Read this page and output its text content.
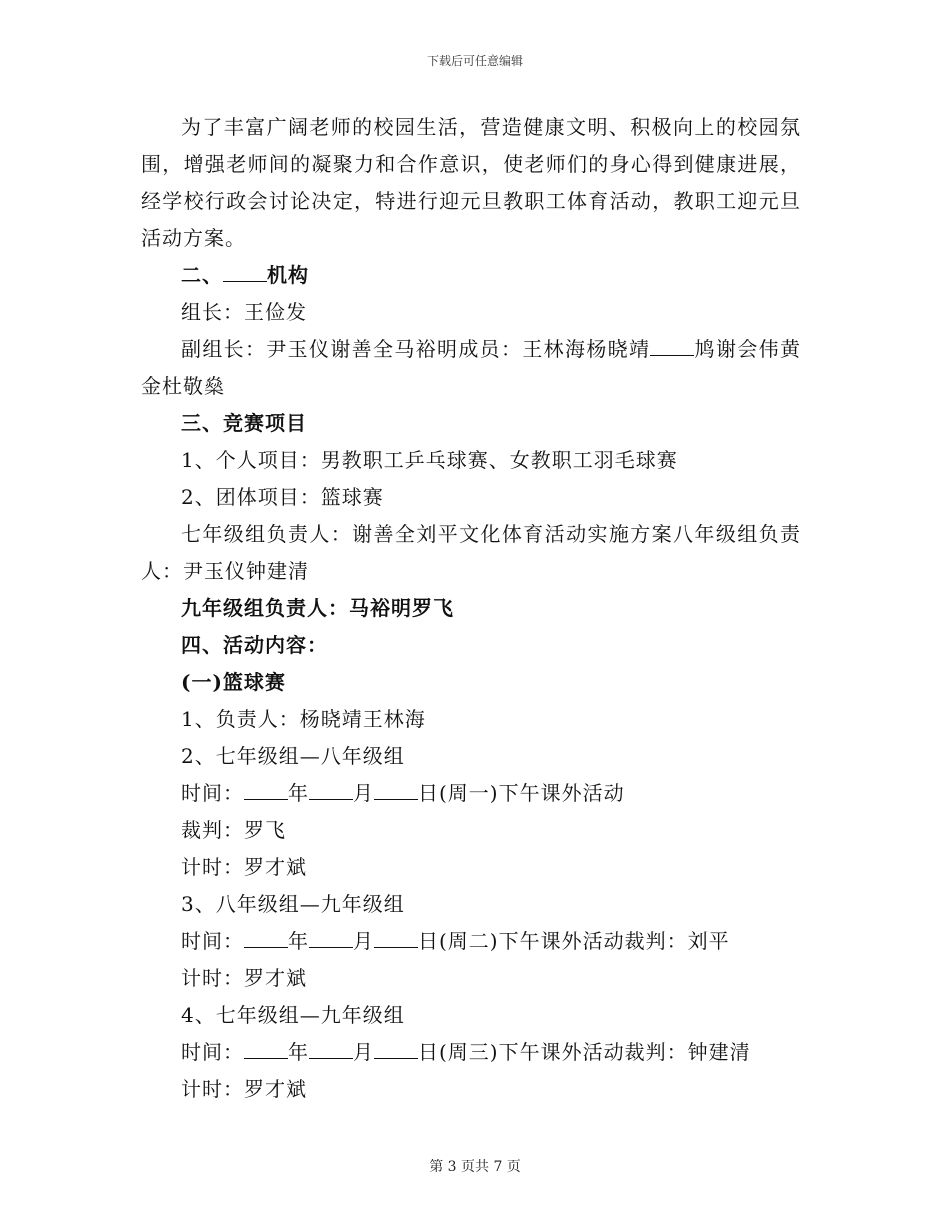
下载后可任意编辑

为了丰富广阔老师的校园生活，营造健康文明、积极向上的校园氛围，增强老师间的凝聚力和合作意识，使老师们的身心得到健康进展，经学校行政会讨论决定，特进行迎元旦教职工体育活动，教职工迎元旦活动方案。

二、 机构

组长：王俭发

副组长：尹玉仪谢善全马裕明成员：王林海杨晓靖 鸠谢会伟黄金杜敬燊

三、竞赛项目

1、个人项目：男教职工乒乓球赛、女教职工羽毛球赛

2、团体项目：篮球赛

七年级组负责人：谢善全刘平文化体育活动实施方案八年级组负责人：尹玉仪钟建清

九年级组负责人：马裕明罗飞

四、活动内容：

(一)篮球赛

1、负责人：杨晓靖王林海

2、七年级组—八年级组

时间： 年 月 日(周一)下午课外活动

裁判：罗飞

计时：罗才斌

3、八年级组—九年级组

时间： 年 月 日(周二)下午课外活动裁判：刘平

计时：罗才斌

4、七年级组—九年级组

时间： 年 月 日(周三)下午课外活动裁判：钟建清

计时：罗才斌

第 3 页共 7 页
